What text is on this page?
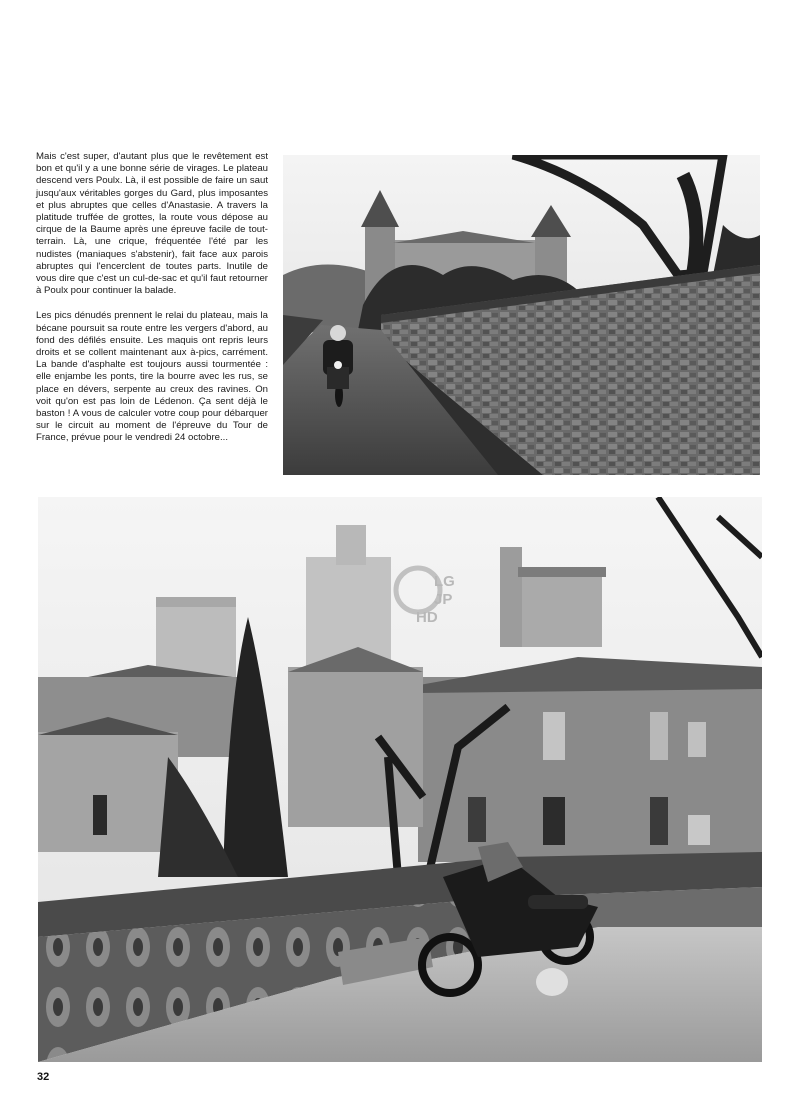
Mais c'est super, d'autant plus que le revêtement est bon et qu'il y a une bonne série de virages. Le plateau descend vers Poulx. Là, il est possible de faire un saut jusqu'aux véritables gorges du Gard, plus imposantes et plus abruptes que celles d'Anastasie. A travers la platitude truffée de grottes, la route vous dépose au cirque de la Baume après une épreuve facile de tout-terrain. Là, une crique, fréquentée l'été par les nudistes (maniaques s'abstenir), fait face aux parois abruptes qui l'encerclent de toutes parts. Inutile de vous dire que c'est un cul-de-sac et qu'il faut retourner à Poulx pour continuer la balade.

Les pics dénudés prennent le relai du plateau, mais la bécane poursuit sa route entre les vergers d'abord, au fond des défilés ensuite. Les maquis ont repris leurs droits et se collent maintenant aux à-pics, carrément. La bande d'asphalte est toujours aussi tourmentée : elle enjambe les ponts, tire la bourre avec les rus, se place en dévers, serpente au creux des ravines. On voit qu'on est pas loin de Lédenon. Ça sent déjà le baston ! A vous de calculer votre coup pour débarquer sur le circuit au moment de l'épreuve du Tour de France, prévue pour le vendredi 24 octobre...

LG
JP
HD
32
